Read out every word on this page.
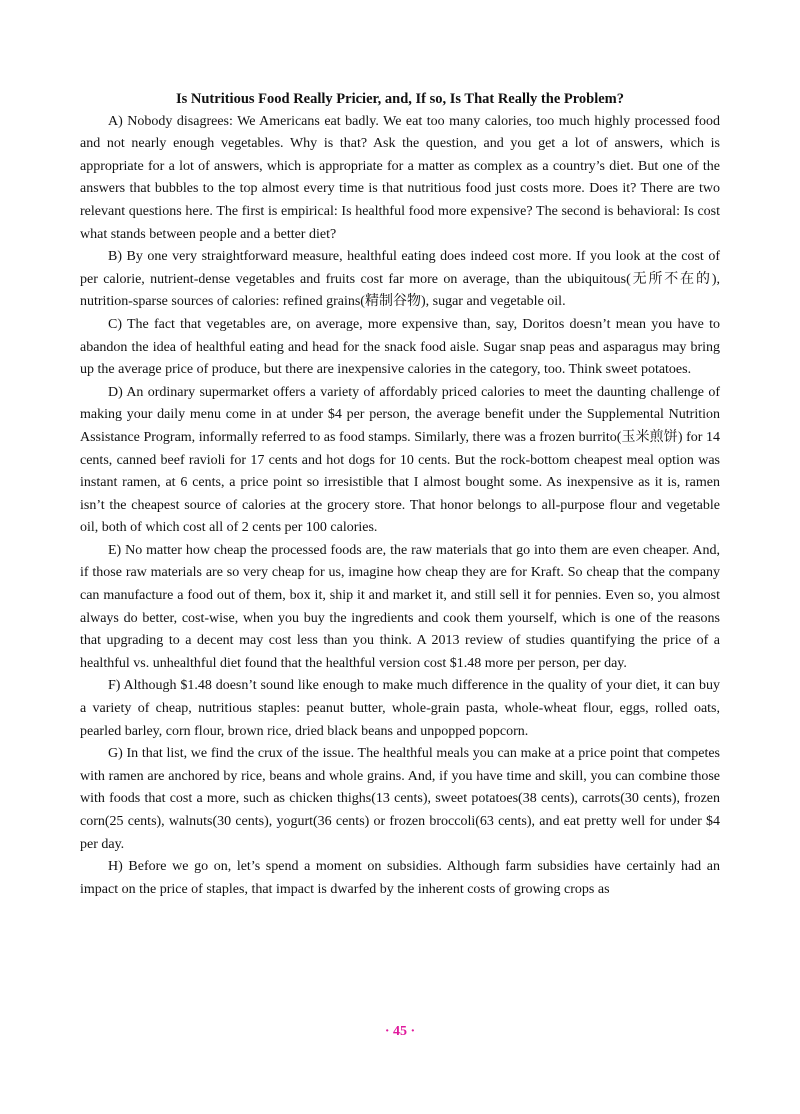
Is Nutritious Food Really Pricier, and, If so, Is That Really the Problem?

A) Nobody disagrees: We Americans eat badly. We eat too many calories, too much highly processed food and not nearly enough vegetables. Why is that? Ask the question, and you get a lot of answers, which is appropriate for a lot of answers, which is appropriate for a matter as complex as a country’s diet. But one of the answers that bubbles to the top almost every time is that nutritious food just costs more. Does it? There are two relevant questions here. The first is empirical: Is healthful food more expensive? The second is behavioral: Is cost what stands between people and a better diet?

B) By one very straightforward measure, healthful eating does indeed cost more. If you look at the cost of per calorie, nutrient-dense vegetables and fruits cost far more on average, than the ubiquitous(无所不在的), nutrition-sparse sources of calories: refined grains(精制谷物), sugar and vegetable oil.

C) The fact that vegetables are, on average, more expensive than, say, Doritos doesn’t mean you have to abandon the idea of healthful eating and head for the snack food aisle. Sugar snap peas and asparagus may bring up the average price of produce, but there are inexpensive calories in the category, too. Think sweet potatoes.

D) An ordinary supermarket offers a variety of affordably priced calories to meet the daunting challenge of making your daily menu come in at under $4 per person, the average benefit under the Supplemental Nutrition Assistance Program, informally referred to as food stamps. Similarly, there was a frozen burrito(玉米煎饼) for 14 cents, canned beef ravioli for 17 cents and hot dogs for 10 cents. But the rock-bottom cheapest meal option was instant ramen, at 6 cents, a price point so irresistible that I almost bought some. As inexpensive as it is, ramen isn’t the cheapest source of calories at the grocery store. That honor belongs to all-purpose flour and vegetable oil, both of which cost all of 2 cents per 100 calories.

E) No matter how cheap the processed foods are, the raw materials that go into them are even cheaper. And, if those raw materials are so very cheap for us, imagine how cheap they are for Kraft. So cheap that the company can manufacture a food out of them, box it, ship it and market it, and still sell it for pennies. Even so, you almost always do better, cost-wise, when you buy the ingredients and cook them yourself, which is one of the reasons that upgrading to a decent may cost less than you think. A 2013 review of studies quantifying the price of a healthful vs. unhealthful diet found that the healthful version cost $1.48 more per person, per day.

F) Although $1.48 doesn’t sound like enough to make much difference in the quality of your diet, it can buy a variety of cheap, nutritious staples: peanut butter, whole-grain pasta, whole-wheat flour, eggs, rolled oats, pearled barley, corn flour, brown rice, dried black beans and unpopped popcorn.

G) In that list, we find the crux of the issue. The healthful meals you can make at a price point that competes with ramen are anchored by rice, beans and whole grains. And, if you have time and skill, you can combine those with foods that cost a more, such as chicken thighs(13 cents), sweet potatoes(38 cents), carrots(30 cents), frozen corn(25 cents), walnuts(30 cents), yogurt(36 cents) or frozen broccoli(63 cents), and eat pretty well for under $4 per day.

H) Before we go on, let’s spend a moment on subsidies. Although farm subsidies have certainly had an impact on the price of staples, that impact is dwarfed by the inherent costs of growing crops as

· 45 ·
